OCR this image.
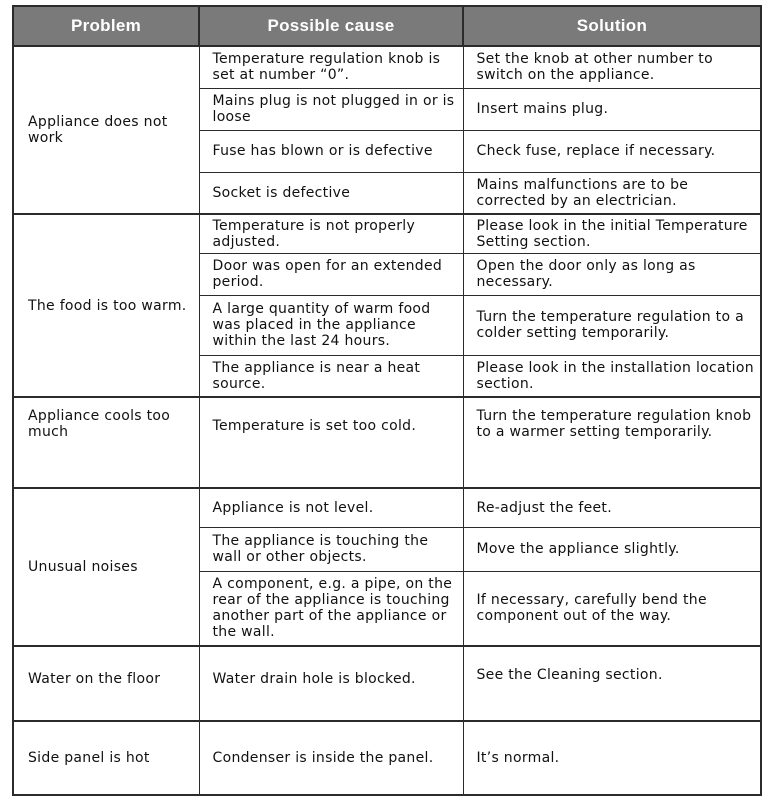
Problem	Possible cause	Solution
Appliance does not work	Temperature regulation knob is set at number “0”.	Set the knob at other number to switch on the appliance.
	Mains plug is not plugged in or is loose	Insert mains plug.
	Fuse has blown or is defective	Check fuse, replace if necessary.
	Socket is defective	Mains malfunctions are to be corrected by an electrician.
The food is too warm.	Temperature is not properly adjusted.	Please look in the initial Temperature Setting section.
	Door was open for an extended period.	Open the door only as long as necessary.
	A large quantity of warm food was placed in the appliance within the last 24 hours.	Turn the temperature regulation to a colder setting temporarily.
	The appliance is near a heat source.	Please look in the installation location section.
Appliance cools too much	Temperature is set too cold.	Turn the temperature regulation knob to a warmer setting temporarily.
Unusual noises	Appliance is not level.	Re-adjust the feet.
	The appliance is touching the wall or other objects.	Move the appliance slightly.
	A component, e.g. a pipe, on the rear of the appliance is touching another part of the appliance or the wall.	If necessary, carefully bend the component out of the way.
Water on the floor	Water drain hole is blocked.	See the Cleaning section.
Side panel is hot	Condenser is inside the panel.	It’s normal.
